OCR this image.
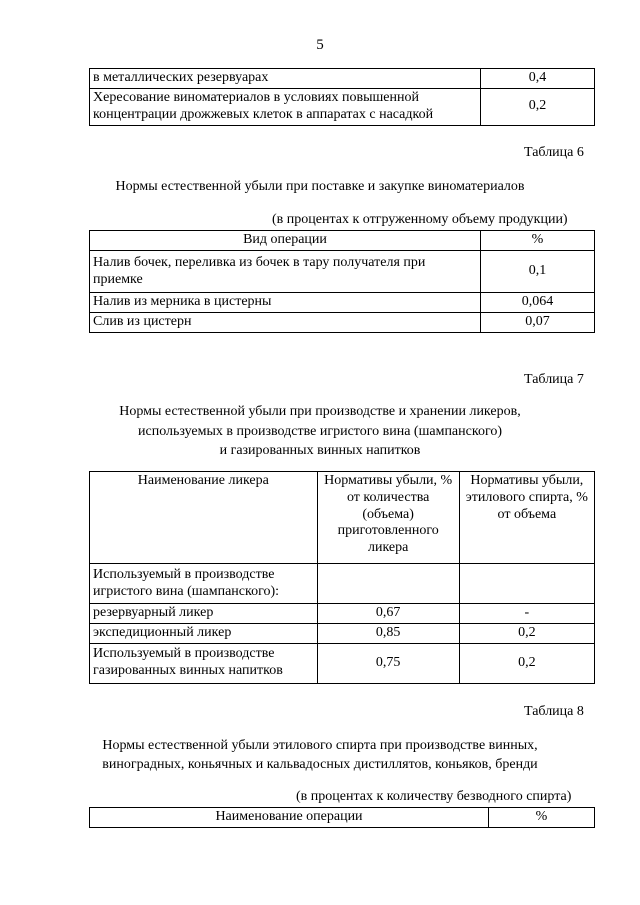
5
в металлических резервуарах	0,4
Хересование виноматериалов в условиях повышенной концентрации дрожжевых клеток в аппаратах с насадкой	0,2
Таблица 6
Нормы естественной убыли при поставке и закупке виноматериалов
(в процентах к отгруженному объему продукции)
Вид операции	%
Налив бочек, переливка из бочек в тару получателя при приемке	0,1
Налив из мерника в цистерны	0,064
Слив из цистерн	0,07
Таблица 7
Нормы естественной убыли при производстве и хранении ликеров,
используемых в производстве игристого вина (шампанского)
и газированных винных напитков
Наименование ликера	Нормативы убыли, % от количества (объема) приготовленного ликера	Нормативы убыли, этилового спирта, % от объема
Используемый в производстве игристого вина (шампанского):		
резервуарный ликер	0,67	-
экспедиционный ликер	0,85	0,2
Используемый в производстве газированных винных напитков	0,75	0,2
Таблица 8
Нормы естественной убыли этилового спирта при производстве винных,
виноградных, коньячных и кальвадосных дистиллятов, коньяков, бренди
(в процентах к количеству безводного спирта)
Наименование операции	%
